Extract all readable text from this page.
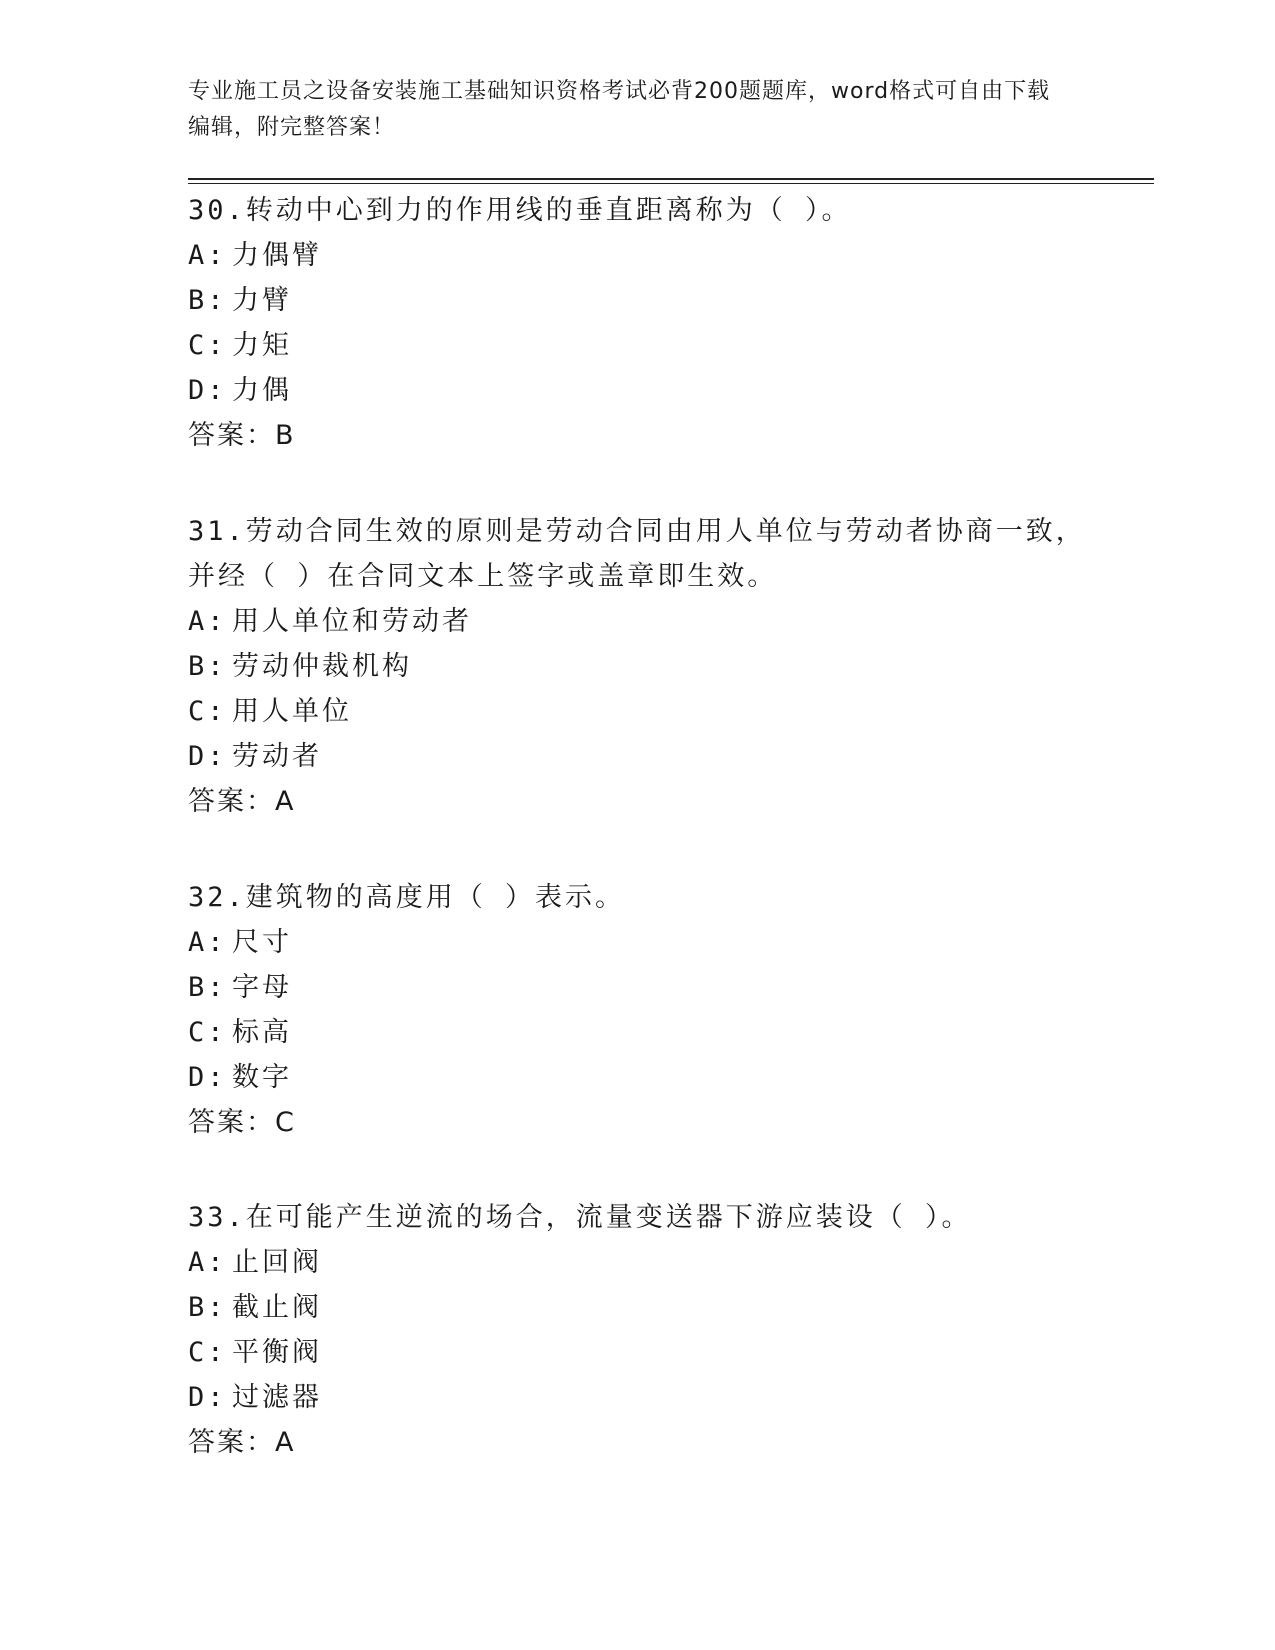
专业施工员之设备安装施工基础知识资格考试必背200题题库，word格式可自由下载编辑，附完整答案！

30.转动中心到力的作用线的垂直距离称为（ ）。

A: 力偶臂

B: 力臂

C: 力矩

D: 力偶

答案：B

31.劳动合同生效的原则是劳动合同由用人单位与劳动者协商一致，并经（ ）在合同文本上签字或盖章即生效。

A: 用人单位和劳动者

B: 劳动仲裁机构

C: 用人单位

D: 劳动者

答案：A

32.建筑物的高度用（ ）表示。

A: 尺寸

B: 字母

C: 标高

D: 数字

答案：C

33.在可能产生逆流的场合，流量变送器下游应装设（ ）。

A: 止回阀

B: 截止阀

C: 平衡阀

D: 过滤器

答案：A
